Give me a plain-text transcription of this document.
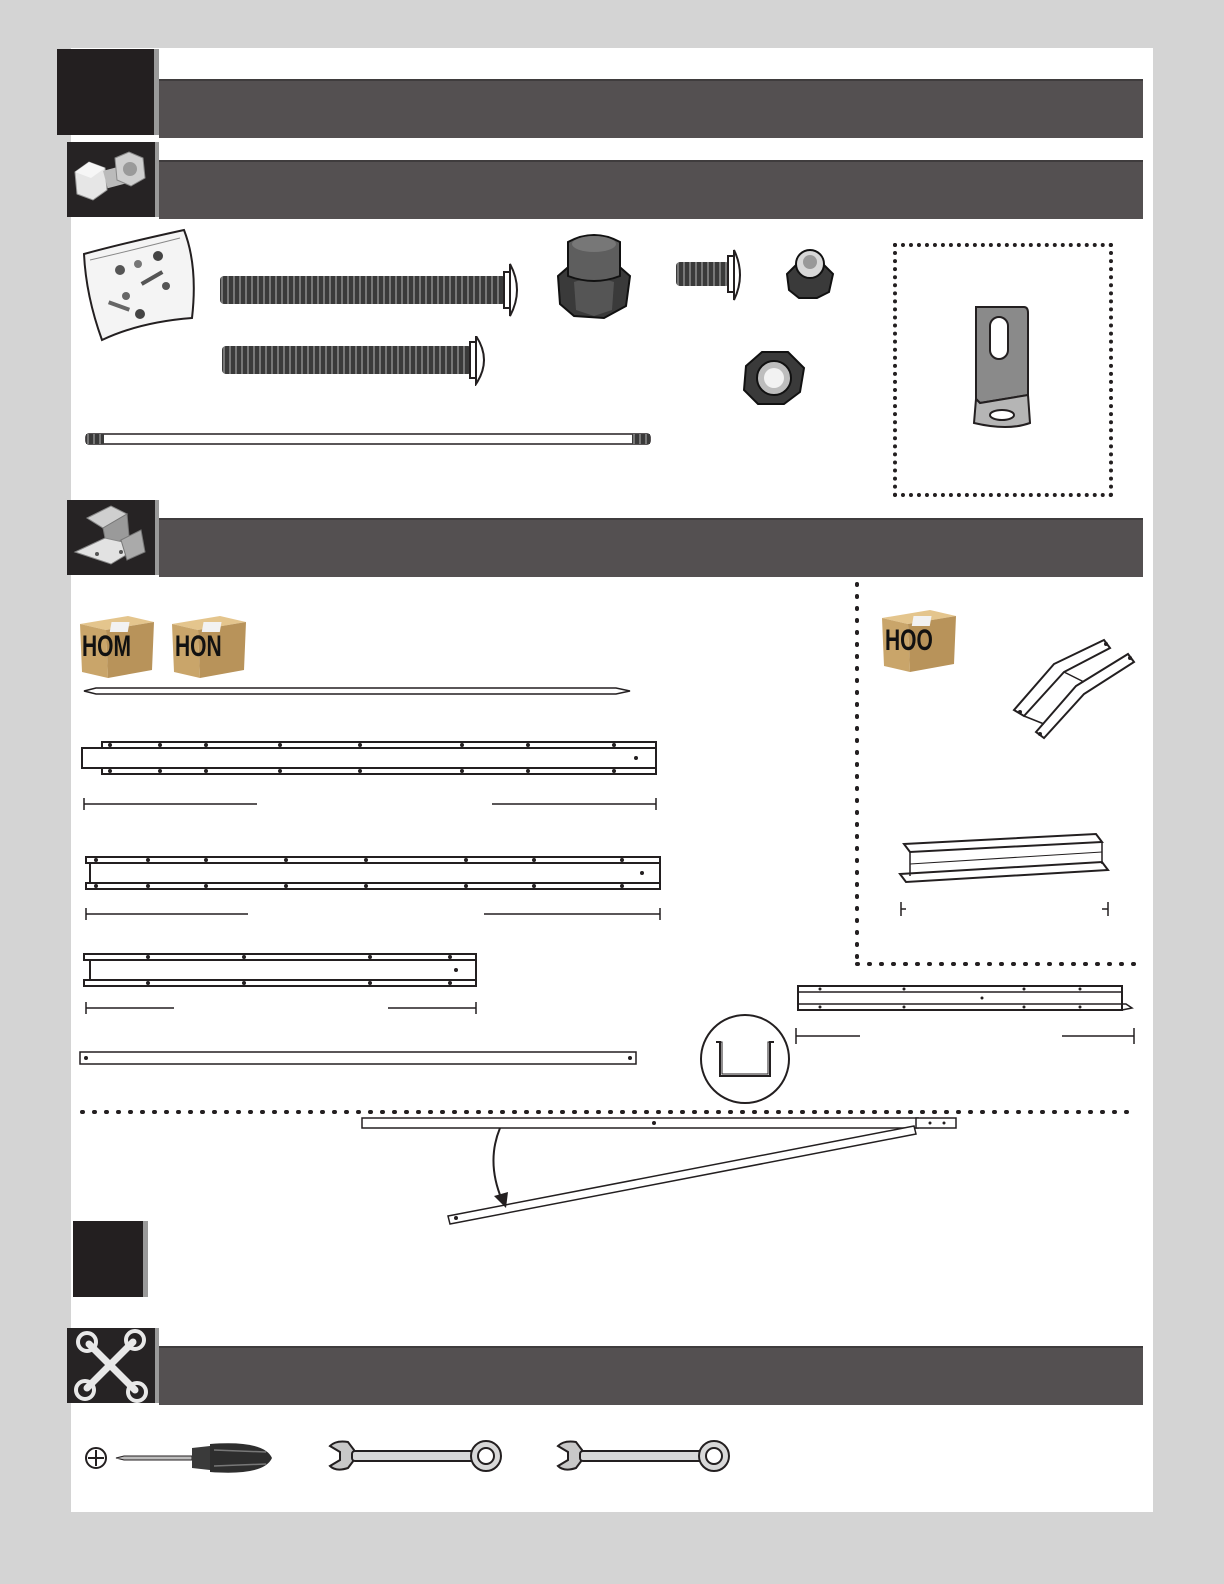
HOM HON	HOO
